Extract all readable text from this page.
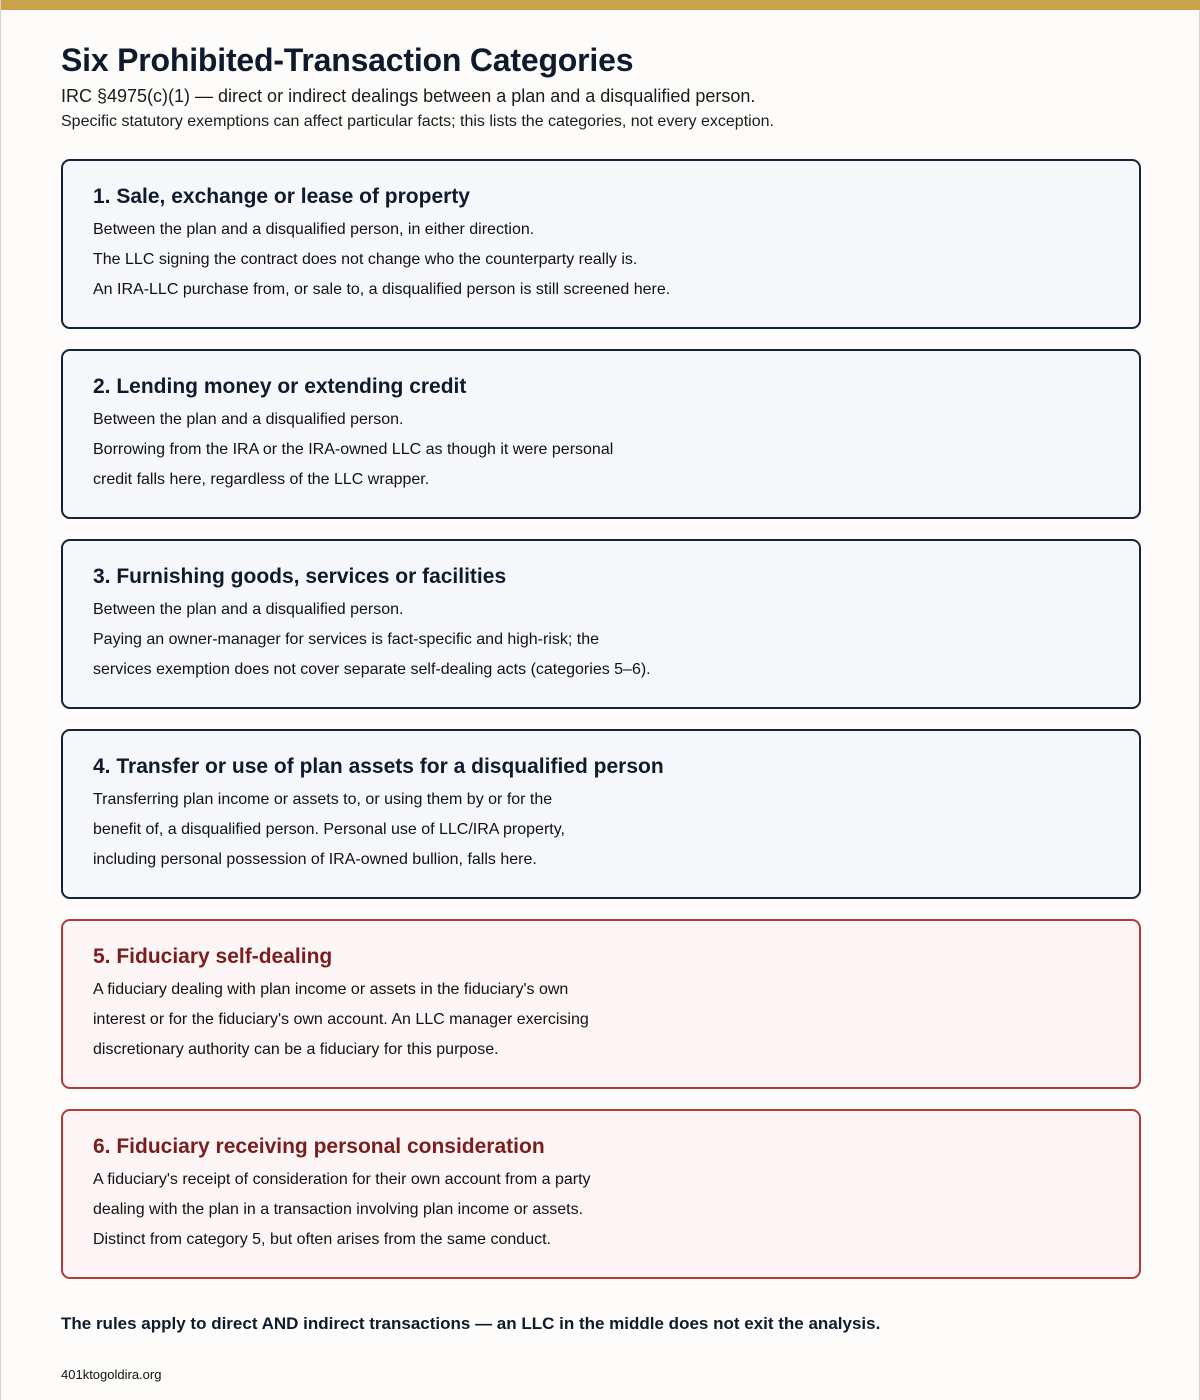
Six Prohibited-Transaction Categories
IRC §4975(c)(1) — direct or indirect dealings between a plan and a disqualified person.
Specific statutory exemptions can affect particular facts; this lists the categories, not every exception.
1. Sale, exchange or lease of property
Between the plan and a disqualified person, in either direction.
The LLC signing the contract does not change who the counterparty really is.
An IRA-LLC purchase from, or sale to, a disqualified person is still screened here.
2. Lending money or extending credit
Between the plan and a disqualified person.
Borrowing from the IRA or the IRA-owned LLC as though it were personal
credit falls here, regardless of the LLC wrapper.
3. Furnishing goods, services or facilities
Between the plan and a disqualified person.
Paying an owner-manager for services is fact-specific and high-risk; the
services exemption does not cover separate self-dealing acts (categories 5–6).
4. Transfer or use of plan assets for a disqualified person
Transferring plan income or assets to, or using them by or for the
benefit of, a disqualified person. Personal use of LLC/IRA property,
including personal possession of IRA-owned bullion, falls here.
5. Fiduciary self-dealing
A fiduciary dealing with plan income or assets in the fiduciary's own
interest or for the fiduciary's own account. An LLC manager exercising
discretionary authority can be a fiduciary for this purpose.
6. Fiduciary receiving personal consideration
A fiduciary's receipt of consideration for their own account from a party
dealing with the plan in a transaction involving plan income or assets.
Distinct from category 5, but often arises from the same conduct.
The rules apply to direct AND indirect transactions — an LLC in the middle does not exit the analysis.
401ktogoldira.org
